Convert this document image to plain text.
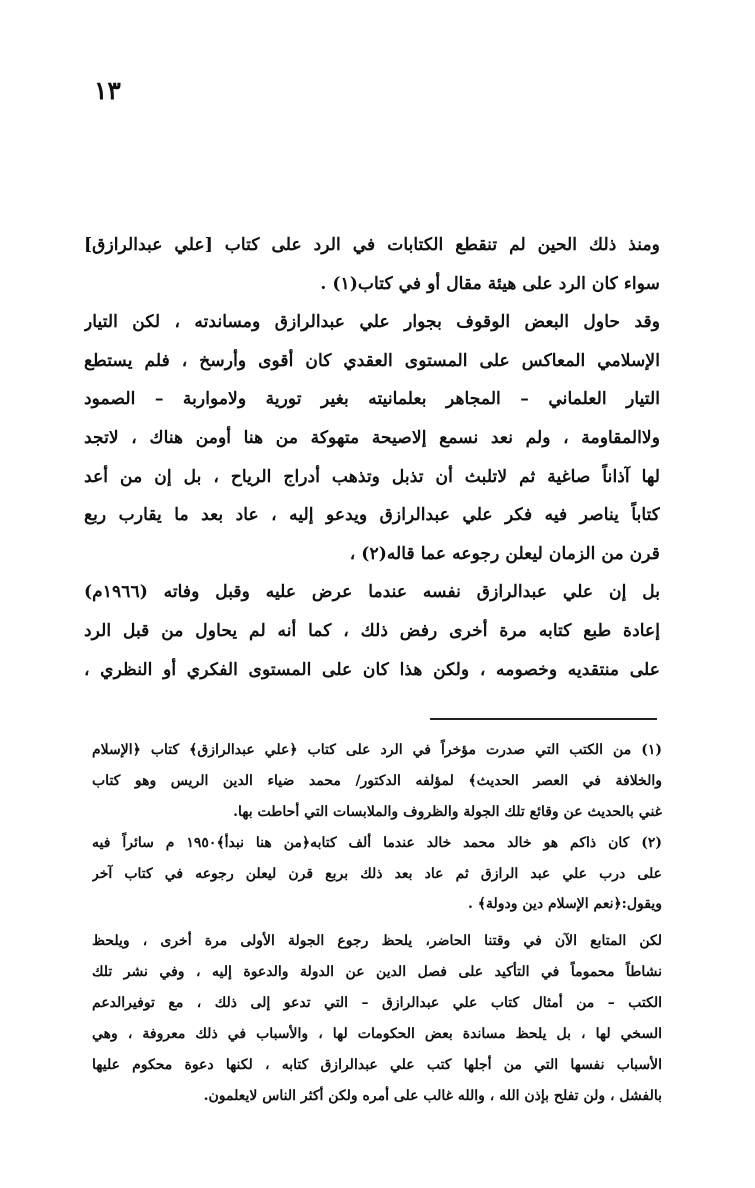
١٣
ومنذ ذلك الحين لم تنقطع الكتابات في الرد على كتاب [علي عبدالرازق]
سواء كان الرد على هيئة مقال أو في كتاب(١) .
وقد حاول البعض الوقوف بجوار علي عبدالرازق ومساندته ، لكن التيار
الإسلامي المعاكس على المستوى العقدي كان أقوى وأرسخ ، فلم يستطع
التيار العلماني – المجاهر بعلمانيته بغير تورية ولامواربة – الصمود
ولاالمقاومة ، ولم نعد نسمع إلاصيحة متهوكة من هنا أومن هناك ، لاتجد
لها آذاناً صاغية ثم لاتلبث أن تذبل وتذهب أدراج الرياح ، بل إن من أعد
كتاباً يناصر فيه فكر علي عبدالرازق ويدعو إليه ، عاد بعد ما يقارب ربع
قرن من الزمان ليعلن رجوعه عما قاله(٢) ،
بل إن علي عبدالرازق نفسه عندما عرض عليه وقبل وفاته (١٩٦٦م)
إعادة طبع كتابه مرة أخرى رفض ذلك ، كما أنه لم يحاول من قبل الرد
على منتقديه وخصومه ، ولكن هذا كان على المستوى الفكري أو النظري ،
(١) من الكتب التي صدرت مؤخراً في الرد على كتاب ﴿علي عبدالرازق﴾ كتاب ﴿الإسلام
والخلافة في العصر الحديث﴾ لمؤلفه الدكتور/ محمد ضياء الدين الريس وهو كتاب
غني بالحديث عن وقائع تلك الجولة والظروف والملابسات التي أحاطت بها.
(٢) كان ذاكم هو خالد محمد خالد عندما ألف كتابه﴿من هنا نبدأ﴾١٩٥٠ م سائراً فيه
على درب علي عبد الرازق ثم عاد بعد ذلك بربع قرن ليعلن رجوعه في كتاب آخر
ويقول:﴿نعم الإسلام دين ودولة﴾ .
لكن المتابع الآن في وقتنا الحاضر، يلحظ رجوع الجولة الأولى مرة أخرى ، ويلحظ
نشاطاً محموماً في التأكيد على فصل الدين عن الدولة والدعوة إليه ، وفي نشر تلك
الكتب – من أمثال كتاب علي عبدالرازق – التي تدعو إلى ذلك ، مع توفيرالدعم
السخي لها ، بل يلحظ مساندة بعض الحكومات لها ، والأسباب في ذلك معروفة ، وهي
الأسباب نفسها التي من أجلها كتب علي عبدالرازق كتابه ، لكنها دعوة محكوم عليها
بالفشل ، ولن تفلح بإذن الله ، والله غالب على أمره ولكن أكثر الناس لايعلمون.
